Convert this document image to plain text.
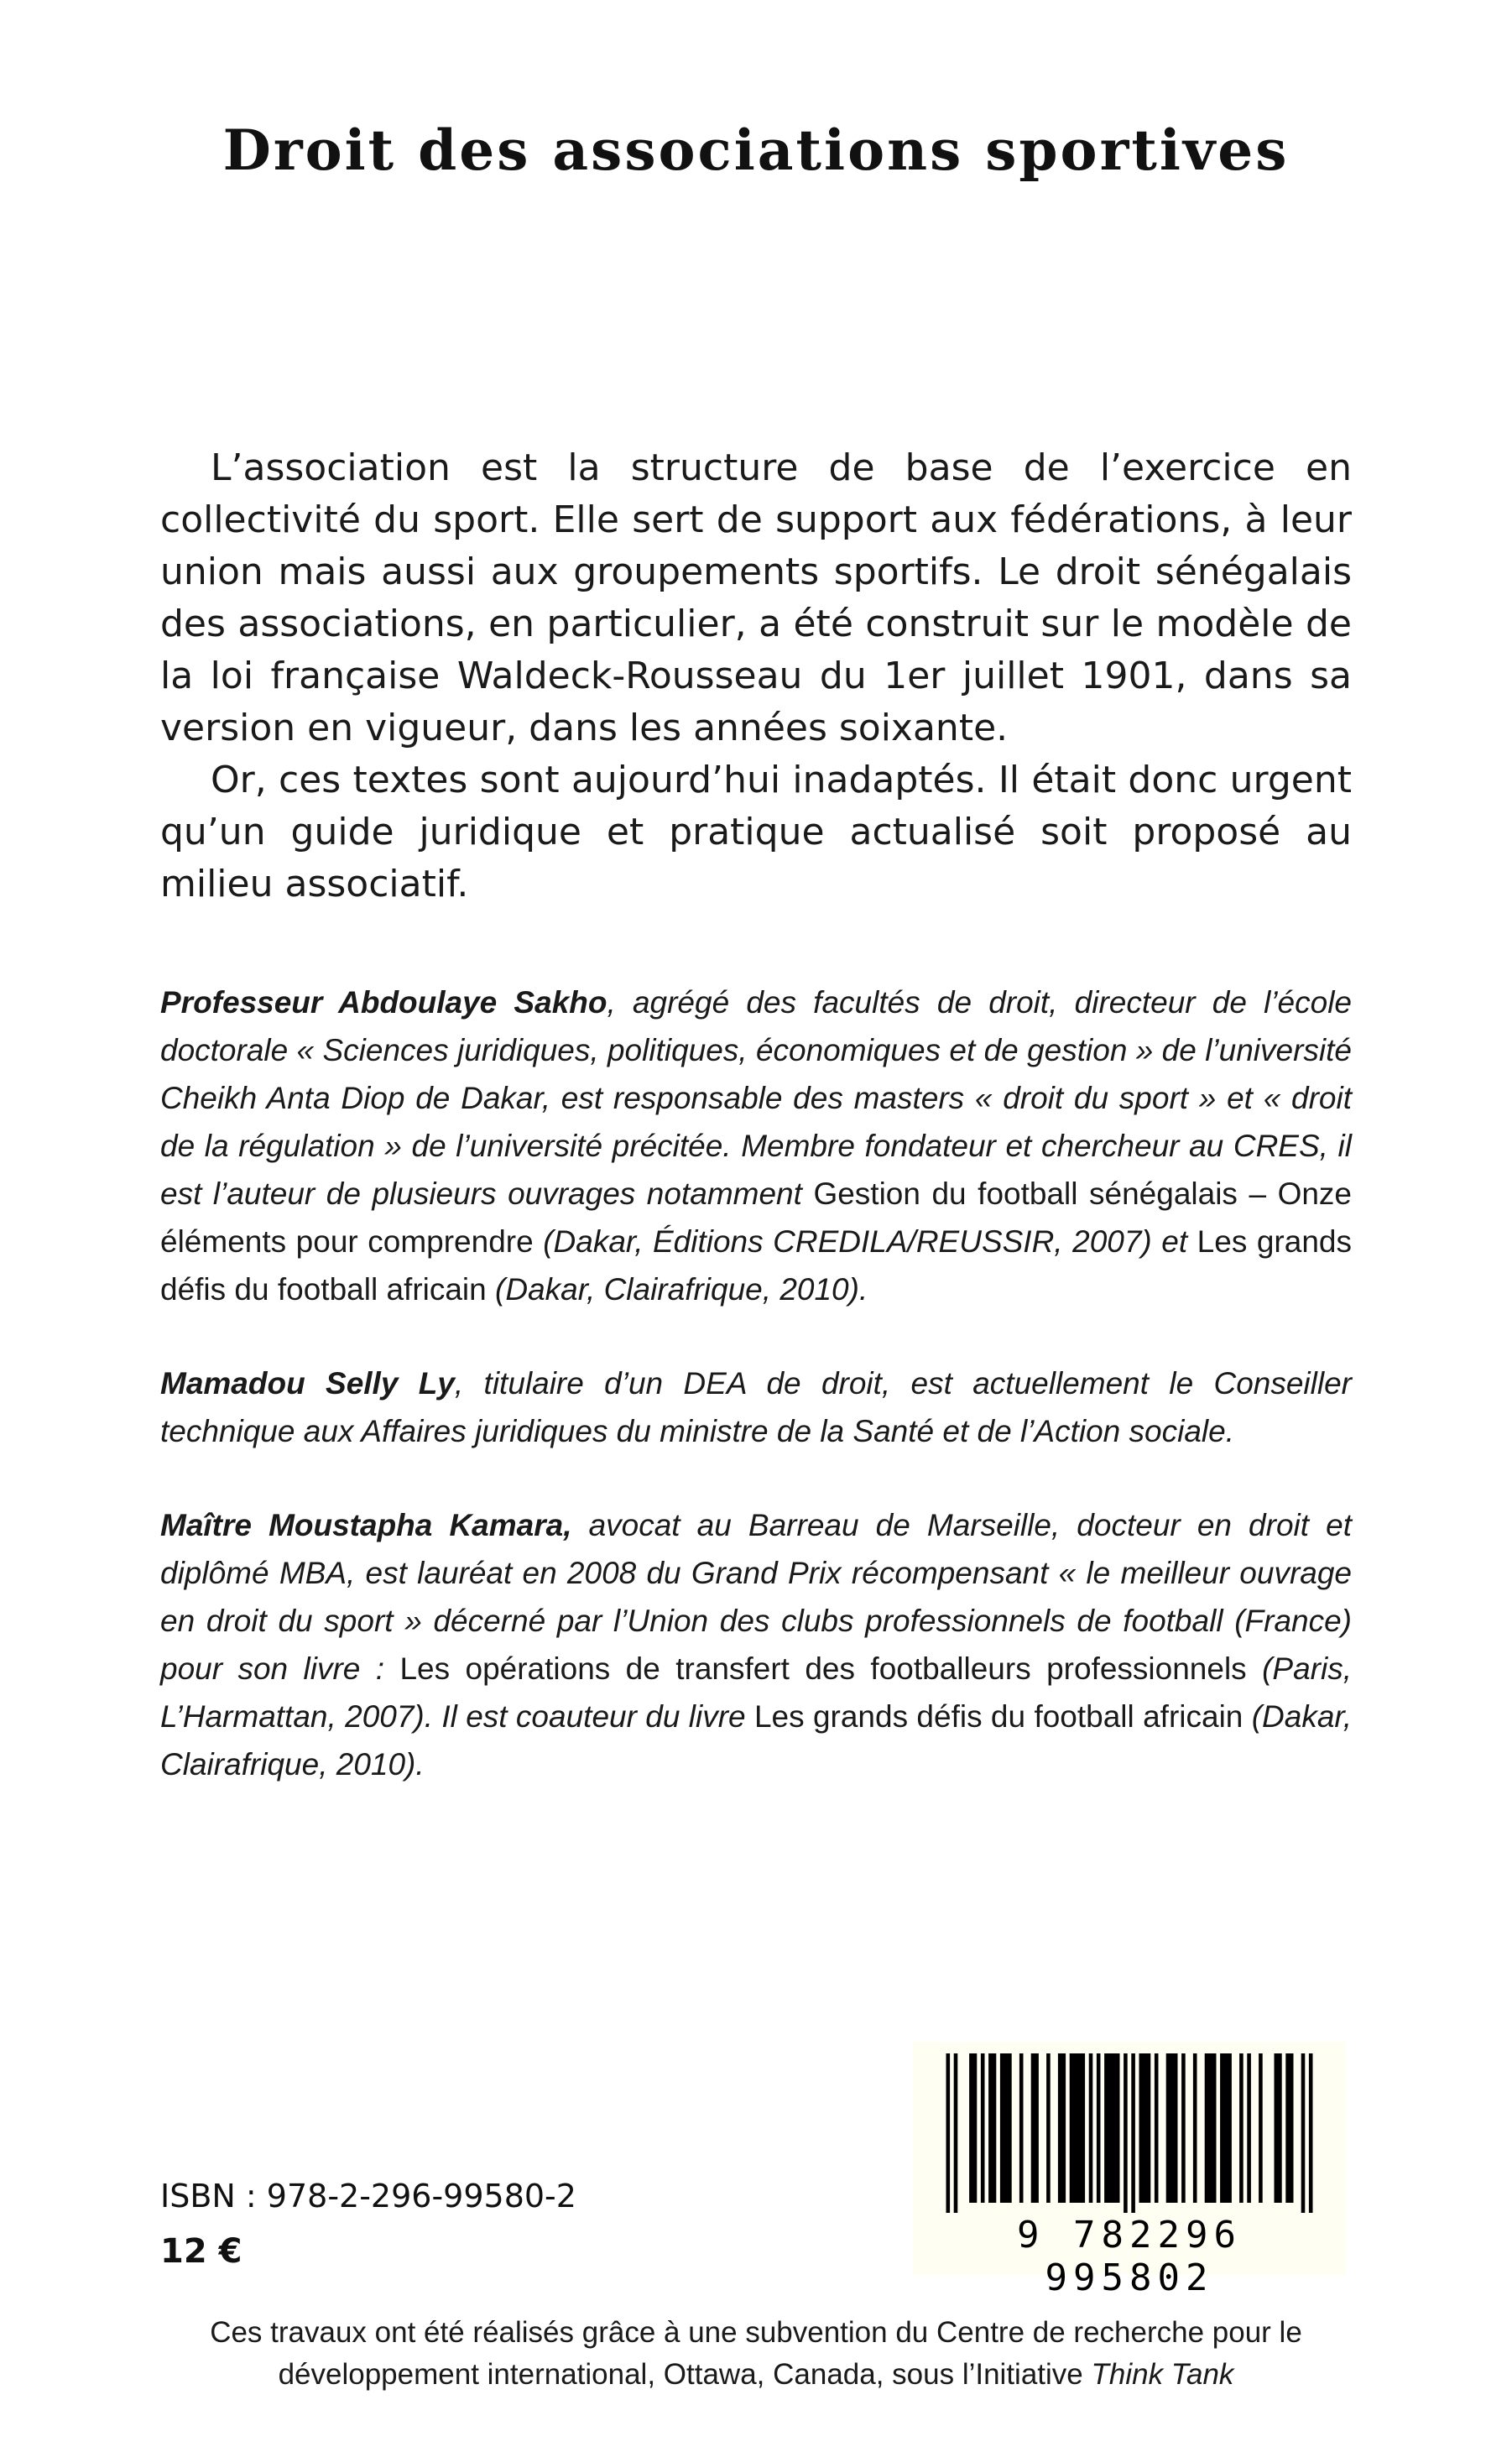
Droit des associations sportives

L’association est la structure de base de l’exercice en collectivité du sport. Elle sert de support aux fédérations, à leur union mais aussi aux groupements sportifs. Le droit sénégalais des associations, en particulier, a été construit sur le modèle de la loi française Waldeck-Rousseau du 1er juillet 1901, dans sa version en vigueur, dans les années soixante.

Or, ces textes sont aujourd’hui inadaptés. Il était donc urgent qu’un guide juridique et pratique actualisé soit proposé au milieu associatif.

Professeur Abdoulaye Sakho, agrégé des facultés de droit, directeur de l’école doctorale « Sciences juridiques, politiques, économiques et de gestion » de l’université Cheikh Anta Diop de Dakar, est responsable des masters « droit du sport » et « droit de la régulation » de l’université précitée. Membre fondateur et chercheur au CRES, il est l’auteur de plusieurs ouvrages notamment Gestion du football sénégalais – Onze éléments pour comprendre (Dakar, Éditions CREDILA/REUSSIR, 2007) et Les grands défis du football africain (Dakar, Clairafrique, 2010).

Mamadou Selly Ly, titulaire d’un DEA de droit, est actuellement le Conseiller technique aux Affaires juridiques du ministre de la Santé et de l’Action sociale.

Maître Moustapha Kamara, avocat au Barreau de Marseille, docteur en droit et diplômé MBA, est lauréat en 2008 du Grand Prix récompensant « le meilleur ouvrage en droit du sport » décerné par l’Union des clubs professionnels de football (France) pour son livre : Les opérations de transfert des footballeurs professionnels (Paris, L’Harmattan, 2007). Il est coauteur du livre Les grands défis du football africain (Dakar, Clairafrique, 2010).

ISBN : 978-2-296-99580-2
12 €	9 782296 995802
Ces travaux ont été réalisés grâce à une subvention du Centre de recherche pour le développement international, Ottawa, Canada, sous l’Initiative Think Tank
